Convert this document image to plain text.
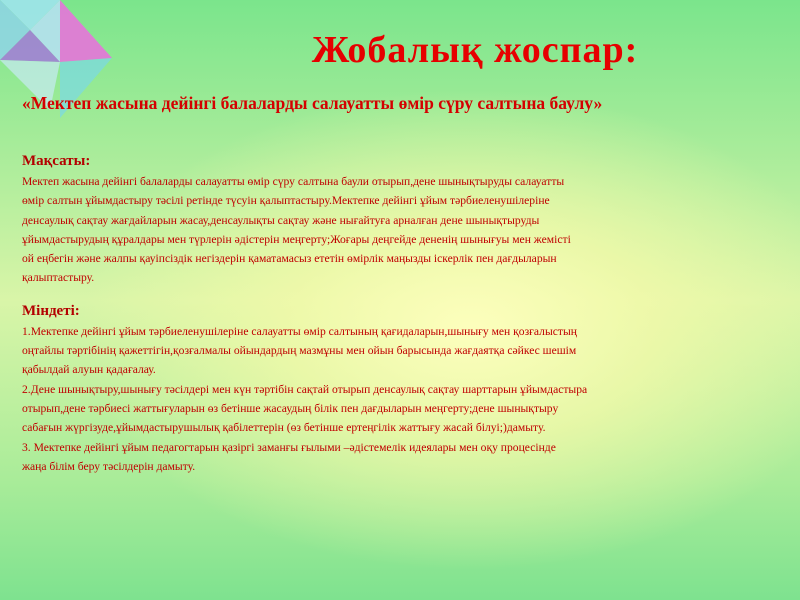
Жобалық жоспар:
«Мектеп жасына дейінгі балаларды салауатты өмір сүру салтына баулу»
Мақсаты:
Мектеп жасына дейінгі балаларды салауатты өмір сүру салтына баули отырып,дене шынықтыруды салауатты
өмір салтын ұйымдастыру тәсілі ретінде түсуін қалыптастыру.Мектепке дейінгі ұйым тәрбиеленушілеріне
денсаулық сақтау жағдайларын жасау,денсаулықты сақтау және нығайтуға арналған дене шынықтыруды
ұйымдастырудың құралдары мен түрлерін әдістерін меңгерту;Жоғары деңгейде дененің шынығуы мен жемісті
ой еңбегін және жалпы қауіпсіздік негіздерін қаматамасыз ететін өмірлік маңызды іскерлік пен дағдыларын
қалыптастыру.
Міндеті:
1.Мектепке дейінгі ұйым тәрбиеленушілеріне салауатты өмір салтының қағидаларын,шынығу мен қозғалыстың
оңтайлы тәртібінің қажеттігін,қозғалмалы ойындардың мазмұны мен ойын барысында жағдаятқа сәйкес шешім
қабылдай алуын қадағалау.
2.Дене шынықтыру,шынығу тәсілдері мен күн тәртібін сақтай отырып денсаулық сақтау шарттарын ұйымдастыра
отырып,дене тәрбиесі жаттығуларын өз бетінше жасаудың білік пен дағдыларын меңгерту;дене шынықтыру
сабағын жүргізуде,ұйымдастырушылық қабілеттерін (өз бетінше ертеңгілік жаттығу жасай білуі;)дамыту.
3. Мектепке дейінгі ұйым педагогтарын қазіргі заманғы ғылыми –әдістемелік идеялары мен оқу процесінде
жаңа білім беру тәсілдерін дамыту.
